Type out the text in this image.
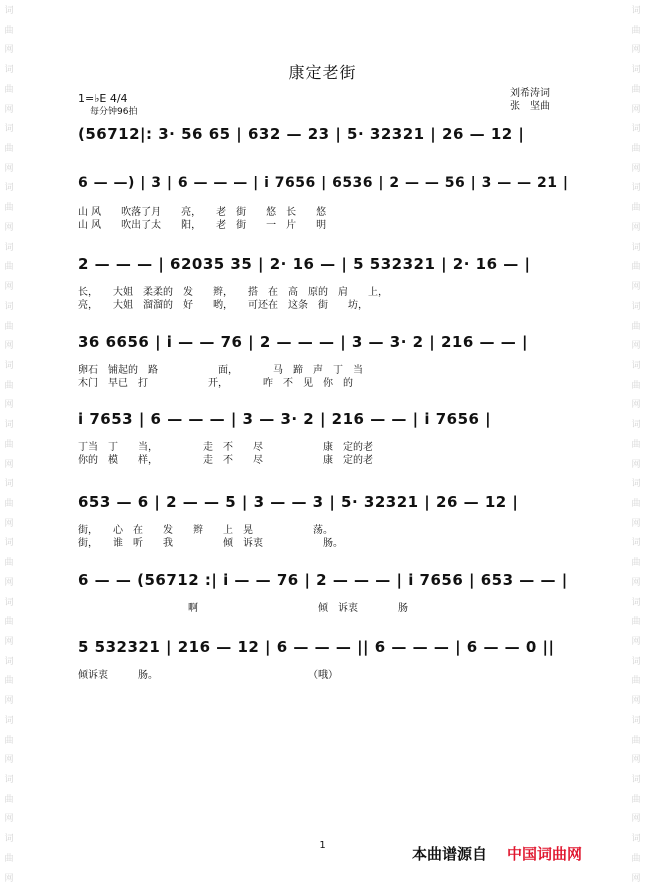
词
曲
网
词
曲
网
词
曲
网
词
曲
网
词
曲
网
词
曲
网
词
曲
网
词
曲
网
词
曲
网
词
曲
网
词
曲
网
词
曲
网
词
曲
网
词
曲
网
词
曲
网
词
曲
网
词
曲
网
词
曲
网
词
曲
网
词
曲
网
词
曲
网
词
曲
网
词
曲
网
词
曲
网
词
曲
网
词
曲
网
词
曲
网
词
曲
网
词
曲
网
词
曲
网
康定老街
刘希涛词
张　坚曲
1=♭E 4/4
每分钟96拍
(56712|: 3· 56 65 | 632 — 23 | 5· 32321 | 26 — 12 |
6 — —) | 3 | 6 — — — | i 7656 | 6536 | 2 — — 56 | 3 — — 21 |
山 风　　吹落了月　　亮，　　老　街　　悠　长　　悠
山 风　　吹出了太　　阳，　　老　街　　一　片　　明
2 — — — | 62035 35 | 2· 16 — | 5 532321 | 2· 16 — |
长，　　大姐　柔柔的　发　　辫，　　搭　在　高　原的　肩　　上，
亮，　　大姐　溜溜的　好　　哟，　　可还在　这条　街　　坊，
36 6656 | i — — 76 | 2 — — — | 3 — 3· 2 | 216 — — |
卵石　铺起的　路　　　　　　面，　　　　马　蹄　声　丁　当
木门　早已　打　　　　　　开，　　　　咋　不　见　你　的
i 7653 | 6 — — — | 3 — 3· 2 | 216 — — | i 7656 |
丁当　丁　　当，　　　　　走　不　　尽　　　　　　康　定的老
你的　模　　样，　　　　　走　不　　尽　　　　　　康　定的老
653 — 6 | 2 — — 5 | 3 — — 3 | 5· 32321 | 26 — 12 |
街，　　心　在　　发　　辫　　上　晃　　　　　　荡。
街，　　谁　听　　我　　　　　倾　诉衷　　　　　　肠。
6 — — (56712 :| i — — 76 | 2 — — — | i 7656 | 653 — — |
　　　　　　　　　　　啊　　　　　　　　　　　　倾　诉衷　　　　肠
5 532321 | 216 — 12 | 6 — — — || 6 — — — | 6 — — 0 ||
倾诉衷　　　肠。　　　　　　　　　　　　　　　　（哦）
1	本曲谱源自 中国词曲网
